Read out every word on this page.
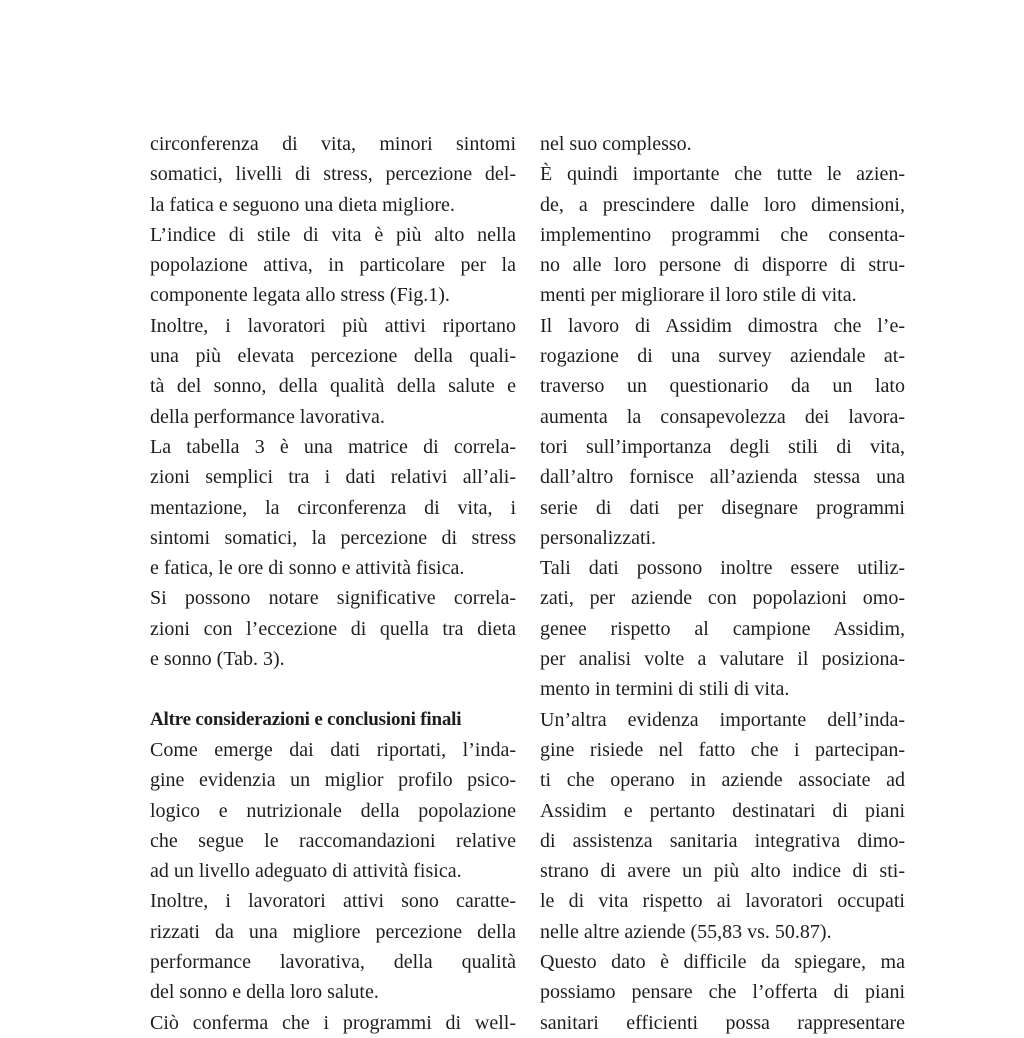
circonferenza di vita, minori sintomi
somatici, livelli di stress, percezione del-
la fatica e seguono una dieta migliore.
L’indice di stile di vita è più alto nella
popolazione attiva, in particolare per la
componente legata allo stress (Fig.1).
Inoltre, i lavoratori più attivi riportano
una più elevata percezione della quali-
tà del sonno, della qualità della salute e
della performance lavorativa.
La tabella 3 è una matrice di correla-
zioni semplici tra i dati relativi all’ali-
mentazione, la circonferenza di vita, i
sintomi somatici, la percezione di stress
e fatica, le ore di sonno e attività fisica.
Si possono notare significative correla-
zioni con l’eccezione di quella tra dieta
e sonno (Tab. 3).
Altre considerazioni e conclusioni finali
Come emerge dai dati riportati, l’inda-
gine evidenzia un miglior profilo psico-
logico e nutrizionale della popolazione
che segue le raccomandazioni relative
ad un livello adeguato di attività fisica.
Inoltre, i lavoratori attivi sono caratte-
rizzati da una migliore percezione della
performance lavorativa, della qualità
del sonno e della loro salute.
Ciò conferma che i programmi di well-
nel suo complesso.
È quindi importante che tutte le azien-
de, a prescindere dalle loro dimensioni,
implementino programmi che consenta-
no alle loro persone di disporre di stru-
menti per migliorare il loro stile di vita.
Il lavoro di Assidim dimostra che l’e-
rogazione di una survey aziendale at-
traverso un questionario da un lato
aumenta la consapevolezza dei lavora-
tori sull’importanza degli stili di vita,
dall’altro fornisce all’azienda stessa una
serie di dati per disegnare programmi
personalizzati.
Tali dati possono inoltre essere utiliz-
zati, per aziende con popolazioni omo-
genee rispetto al campione Assidim,
per analisi volte a valutare il posiziona-
mento in termini di stili di vita.
Un’altra evidenza importante dell’inda-
gine risiede nel fatto che i partecipan-
ti che operano in aziende associate ad
Assidim e pertanto destinatari di piani
di assistenza sanitaria integrativa dimo-
strano di avere un più alto indice di sti-
le di vita rispetto ai lavoratori occupati
nelle altre aziende (55,83 vs. 50.87).
Questo dato è difficile da spiegare, ma
possiamo pensare che l’offerta di piani
sanitari efficienti possa rappresentare
